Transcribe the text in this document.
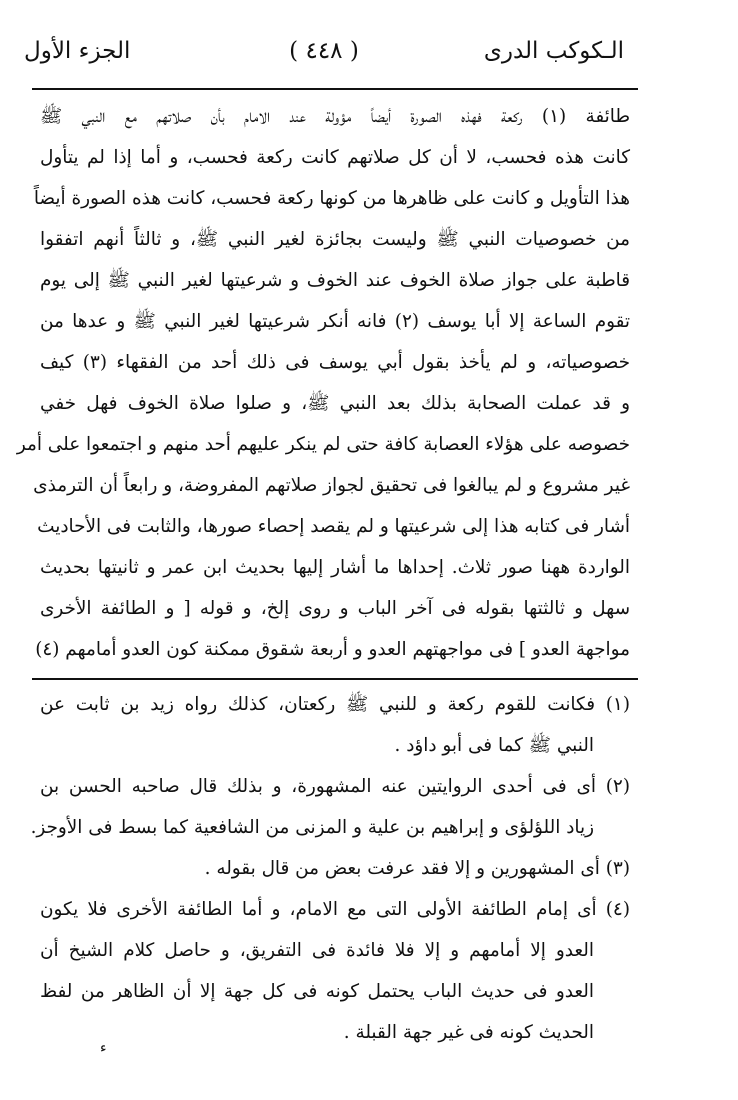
الـكوكب الدرى
( ٤٤٨ )
الجزء الأول
طائفة (١) ركعة فهذه الصورة أيضاً مؤولة عند الامام بأن صلاتهم مع النبي ﷺ
كانت هذه فحسب، لا أن كل صلاتهم كانت ركعة فحسب، و أما إذا لم يتأول
هذا التأويل و كانت على ظاهرها من كونها ركعة فحسب، كانت هذه الصورة أيضاً
من خصوصيات النبي ﷺ وليست بجائزة لغير النبي ﷺ، و ثالثاً أنهم اتفقوا
قاطبة على جواز صلاة الخوف عند الخوف و شرعيتها لغير النبي ﷺ إلى يوم
تقوم الساعة إلا أبا يوسف (٢) فانه أنكر شرعيتها لغير النبي ﷺ و عدها من
خصوصياته، و لم يأخذ بقول أبي يوسف فى ذلك أحد من الفقهاء (٣) كيف
و قد عملت الصحابة بذلك بعد النبي ﷺ، و صلوا صلاة الخوف فهل خفي
خصوصه على هؤلاء العصابة كافة حتى لم ينكر عليهم أحد منهم و اجتمعوا على أمر
غير مشروع و لم يبالغوا فى تحقيق لجواز صلاتهم المفروضة، و رابعاً أن الترمذى
أشار فى كتابه هذا إلى شرعيتها و لم يقصد إحصاء صورها، والثابت فى الأحاديث
الواردة ههنا صور ثلاث. إحداها ما أشار إليها بحديث ابن عمر و ثانيتها بحديث
سهل و ثالثتها بقوله فى آخر الباب و روى إلخ، و قوله [ و الطائفة الأخرى
مواجهة العدو ] فى مواجهتهم العدو و أربعة شقوق ممكنة كون العدو أمامهم (٤)
(١) فكانت للقوم ركعة و للنبي ﷺ ركعتان، كذلك رواه زيد بن ثابت عن
النبي ﷺ كما فى أبو داؤد .
(٢) أى فى أحدى الروايتين عنه المشهورة، و بذلك قال صاحبه الحسن بن
زياد اللؤلؤى و إبراهيم بن علية و المزنى من الشافعية كما بسط فى الأوجز.
(٣) أى المشهورين و إلا فقد عرفت بعض من قال بقوله .
(٤) أى إمام الطائفة الأولى التى مع الامام، و أما الطائفة الأخرى فلا يكون
العدو إلا أمامهم و إلا فلا فائدة فى التفريق، و حاصل كلام الشيخ أن
العدو فى حديث الباب يحتمل كونه فى كل جهة إلا أن الظاهر من لفظ
الحديث كونه فى غير جهة القبلة .
ء
